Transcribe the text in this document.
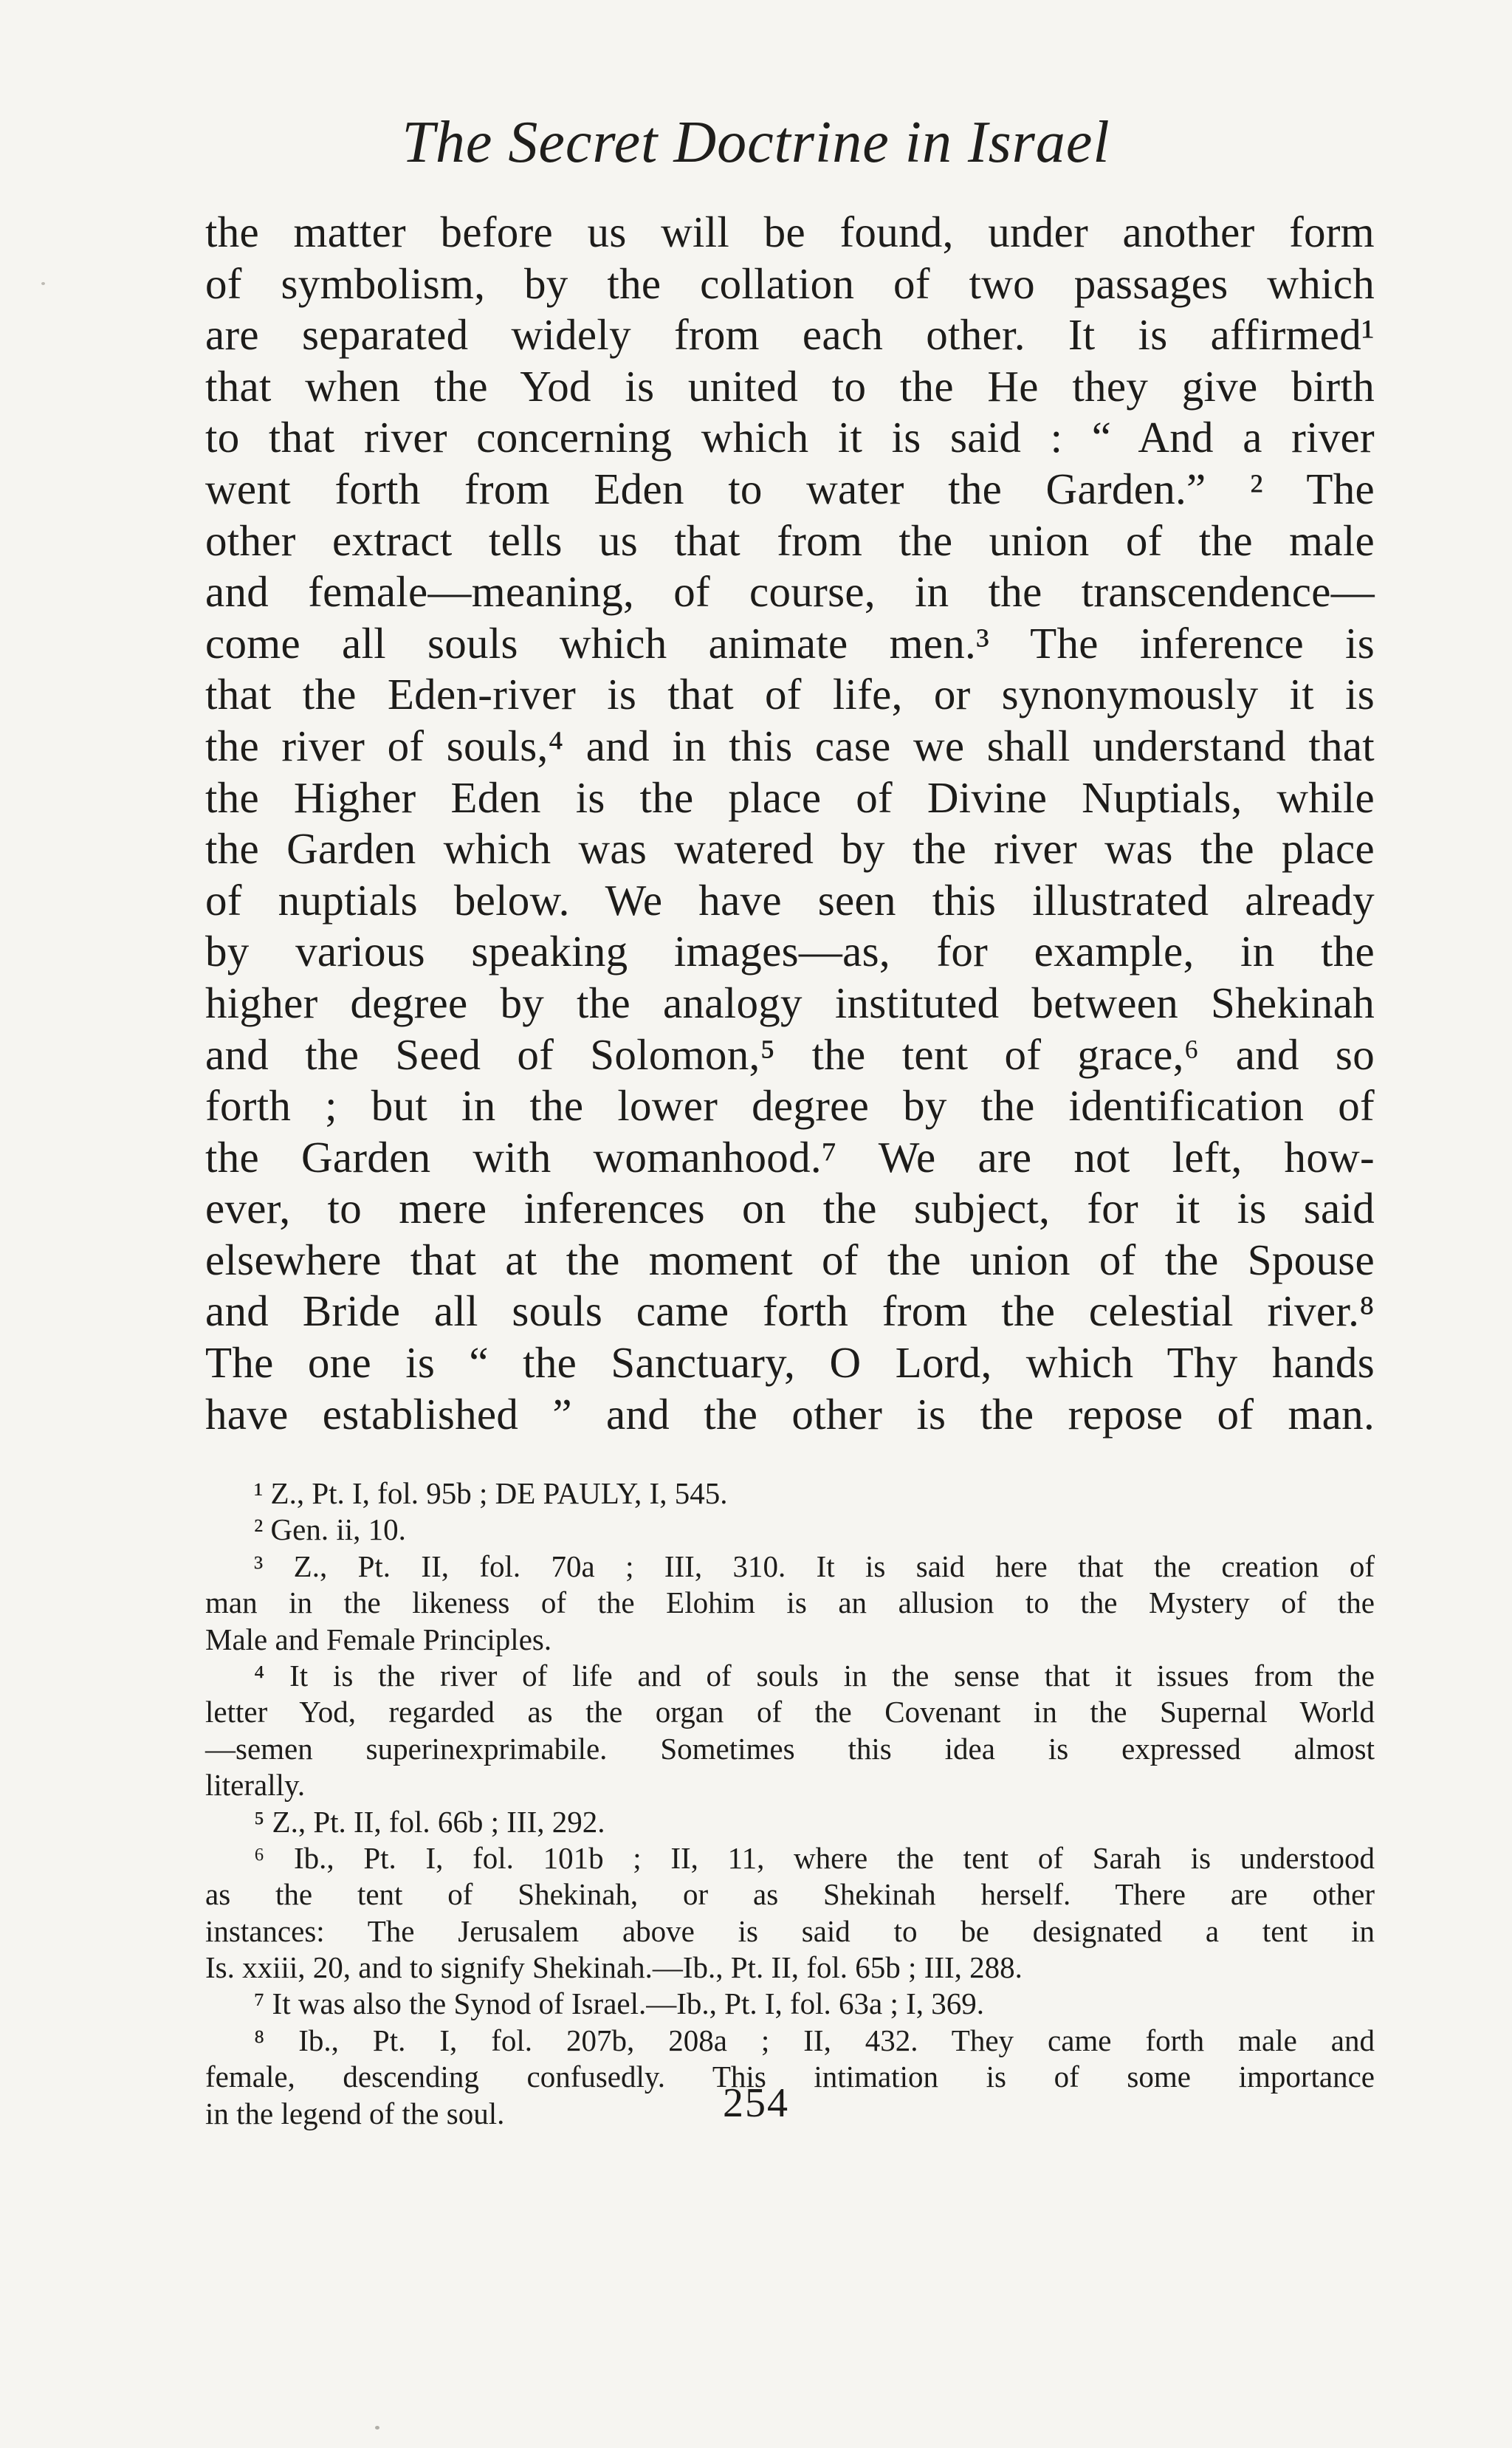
The Secret Doctrine in Israel
the matter before us will be found, under another form
of symbolism, by the collation of two passages which
are separated widely from each other. It is affirmed¹
that when the Yod is united to the He they give birth
to that river concerning which it is said : “ And a river
went forth from Eden to water the Garden.” ² The
other extract tells us that from the union of the male
and female—meaning, of course, in the transcendence—
come all souls which animate men.³ The inference is
that the Eden-river is that of life, or synonymously it is
the river of souls,⁴ and in this case we shall understand that
the Higher Eden is the place of Divine Nuptials, while
the Garden which was watered by the river was the place
of nuptials below. We have seen this illustrated already
by various speaking images—as, for example, in the
higher degree by the analogy instituted between Shekinah
and the Seed of Solomon,⁵ the tent of grace,⁶ and so
forth ; but in the lower degree by the identification of
the Garden with womanhood.⁷ We are not left, how-
ever, to mere inferences on the subject, for it is said
elsewhere that at the moment of the union of the Spouse
and Bride all souls came forth from the celestial river.⁸
The one is “ the Sanctuary, O Lord, which Thy hands
have established ” and the other is the repose of man.
¹ Z., Pt. I, fol. 95b ; DE PAULY, I, 545.
² Gen. ii, 10.
³ Z., Pt. II, fol. 70a ; III, 310. It is said here that the creation of
man in the likeness of the Elohim is an allusion to the Mystery of the
Male and Female Principles.
⁴ It is the river of life and of souls in the sense that it issues from the
letter Yod, regarded as the organ of the Covenant in the Supernal World
—semen superinexprimabile. Sometimes this idea is expressed almost
literally.
⁵ Z., Pt. II, fol. 66b ; III, 292.
⁶ Ib., Pt. I, fol. 101b ; II, 11, where the tent of Sarah is understood
as the tent of Shekinah, or as Shekinah herself. There are other
instances: The Jerusalem above is said to be designated a tent in
Is. xxiii, 20, and to signify Shekinah.—Ib., Pt. II, fol. 65b ; III, 288.
⁷ It was also the Synod of Israel.—Ib., Pt. I, fol. 63a ; I, 369.
⁸ Ib., Pt. I, fol. 207b, 208a ; II, 432. They came forth male and
female, descending confusedly. This intimation is of some importance
in the legend of the soul.	254
